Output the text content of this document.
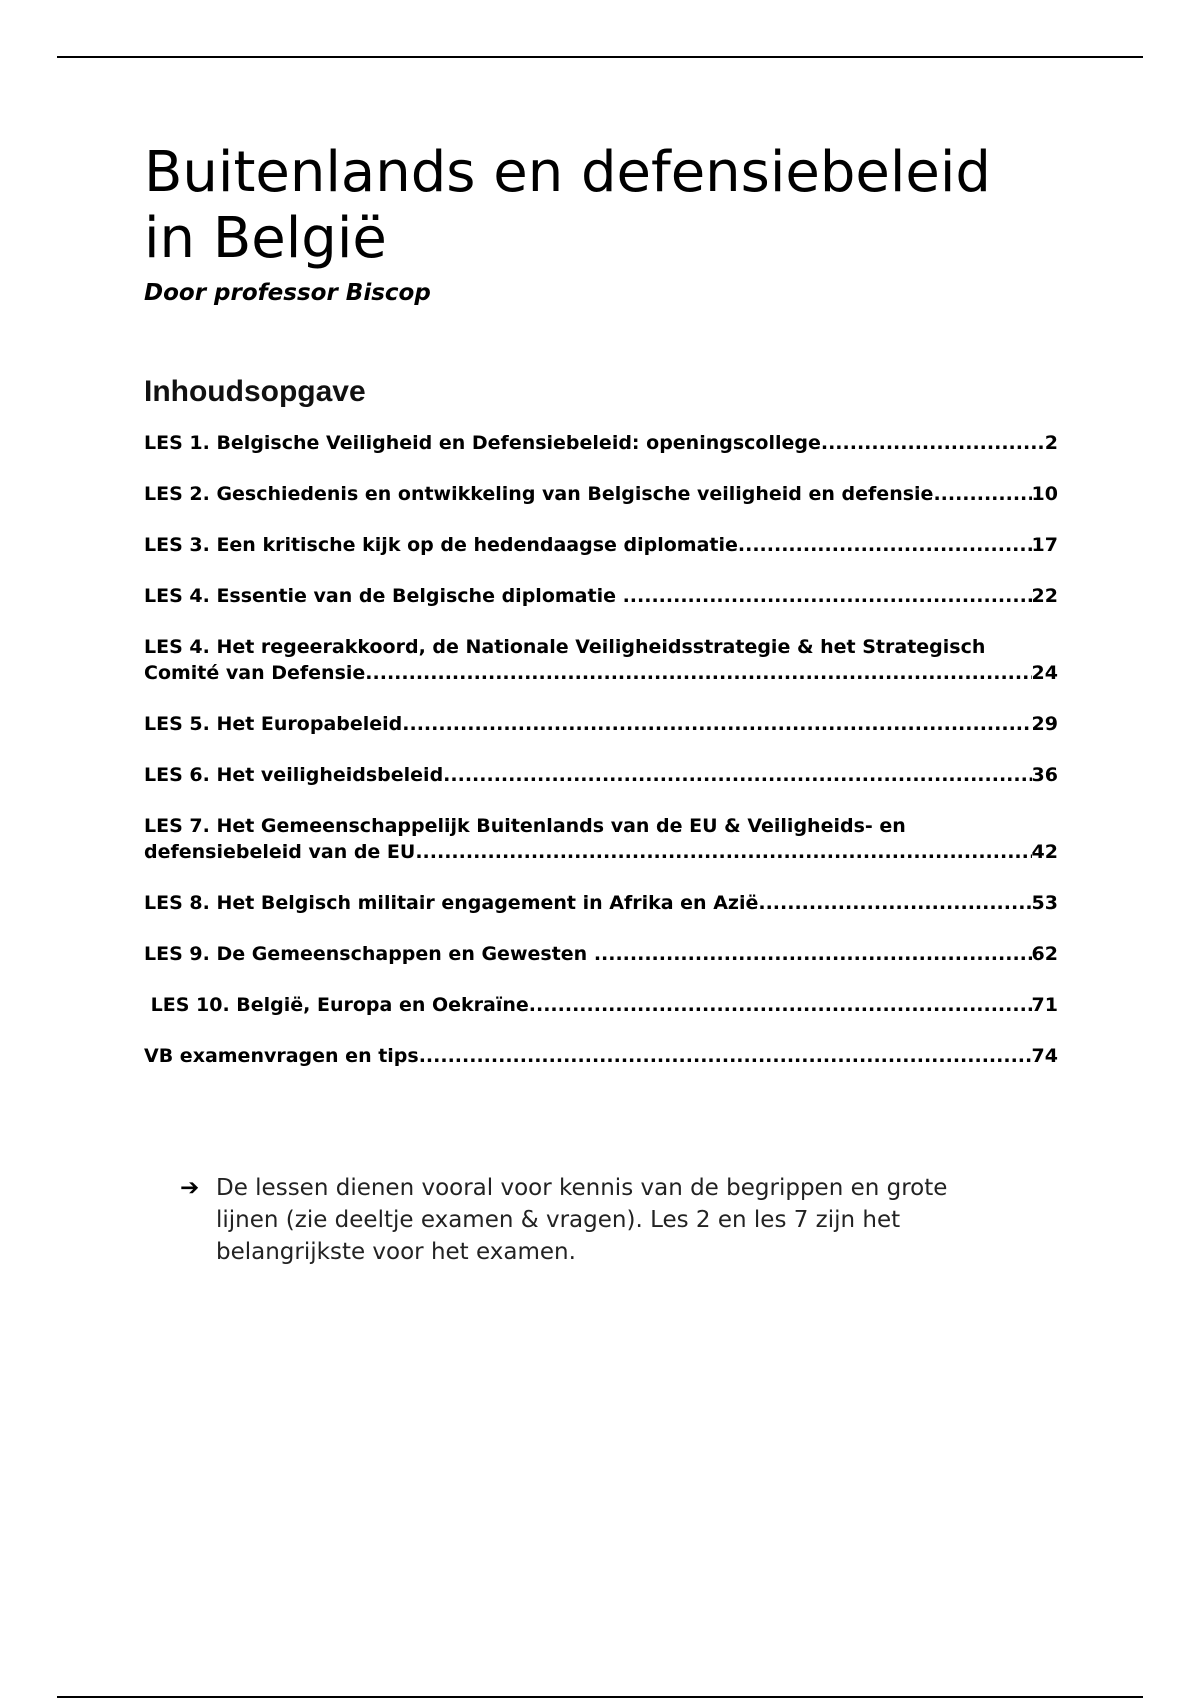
Buitenlands en defensiebeleid in België
Door professor Biscop
Inhoudsopgave
LES 1. Belgische Veiligheid en Defensiebeleid: openingscollege .....	2
LES 2. Geschiedenis en ontwikkeling van Belgische veiligheid en defensie .....	10
LES 3. Een kritische kijk op de hedendaagse diplomatie .....	17
LES 4. Essentie van de Belgische diplomatie .....	22
LES 4. Het regeerakkoord, de Nationale Veiligheidsstrategie & het Strategisch
Comité van Defensie .....	24
LES 5. Het Europabeleid .....	29
LES 6. Het veiligheidsbeleid .....	36
LES 7. Het Gemeenschappelijk Buitenlands van de EU & Veiligheids- en
defensiebeleid van de EU .....	42
LES 8. Het Belgisch militair engagement in Afrika en Azië .....	53
LES 9. De Gemeenschappen en Gewesten .....	62
LES 10. België, Europa en Oekraïne .....	71
VB examenvragen en tips .....	74
➔ De lessen dienen vooral voor kennis van de begrippen en grote lijnen (zie deeltje examen & vragen). Les 2 en les 7 zijn het belangrijkste voor het examen.
